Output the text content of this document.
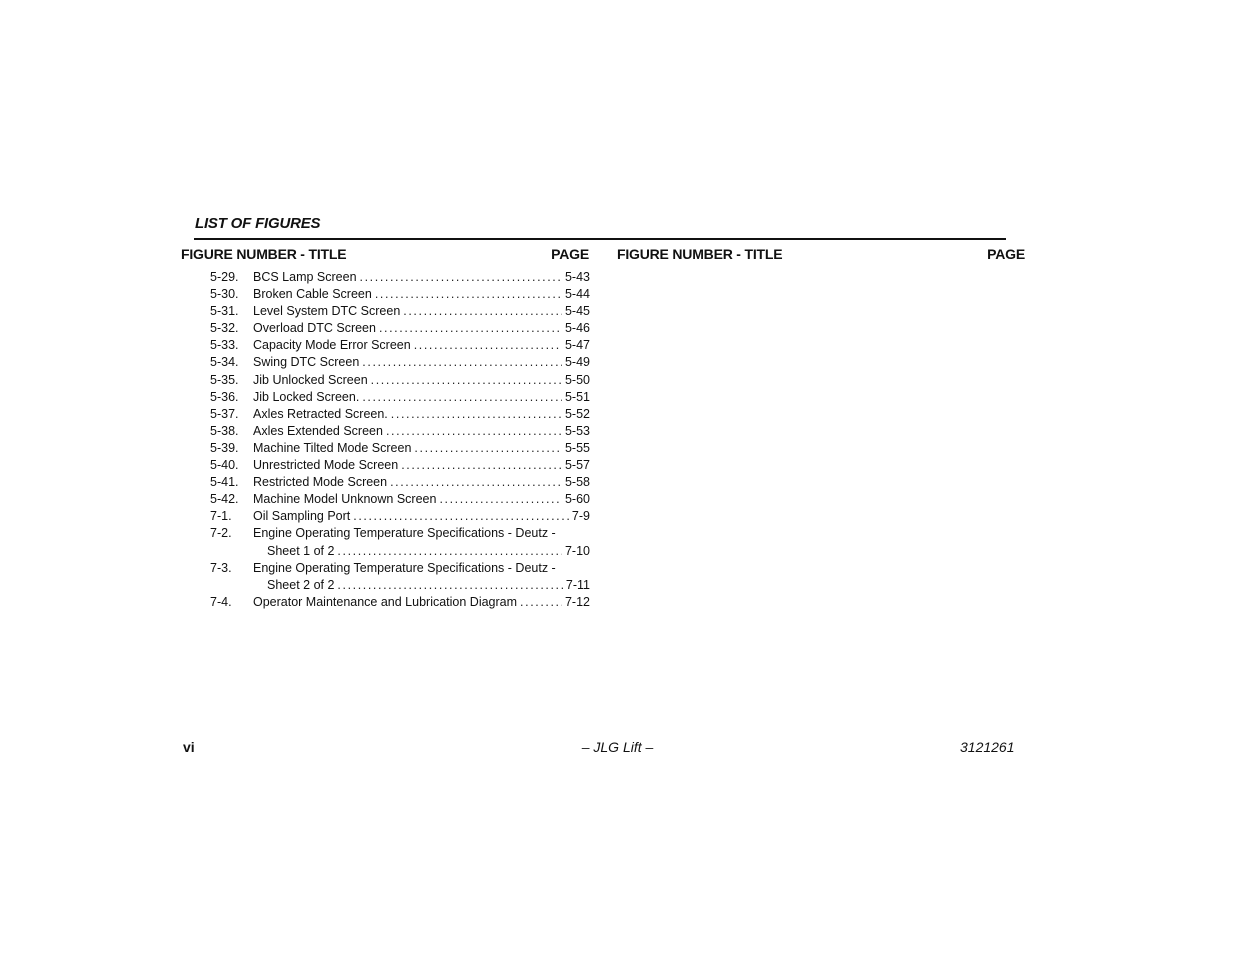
LIST OF FIGURES
FIGURE NUMBER - TITLE	PAGE FIGURE NUMBER - TITLE	PAGE
5-29. BCS Lamp Screen .....	5-43
5-30. Broken Cable Screen .....	5-44
5-31. Level System DTC Screen .....	5-45
5-32. Overload DTC Screen .....	5-46
5-33. Capacity Mode Error Screen .....	5-47
5-34. Swing DTC Screen .....	5-49
5-35. Jib Unlocked Screen .....	5-50
5-36. Jib Locked Screen. .....	5-51
5-37. Axles Retracted Screen. .....	5-52
5-38. Axles Extended Screen .....	5-53
5-39. Machine Tilted Mode Screen .....	5-55
5-40. Unrestricted Mode Screen .....	5-57
5-41. Restricted Mode Screen .....	5-58
5-42. Machine Model Unknown Screen .....	5-60
7-1. Oil Sampling Port .....	7-9
7-2. Engine Operating Temperature Specifications - Deutz -
Sheet 1 of 2 .....	7-10
7-3. Engine Operating Temperature Specifications - Deutz -
Sheet 2 of 2 .....	7-11
7-4. Operator Maintenance and Lubrication Diagram .....	7-12
vi	– JLG Lift –	3121261
